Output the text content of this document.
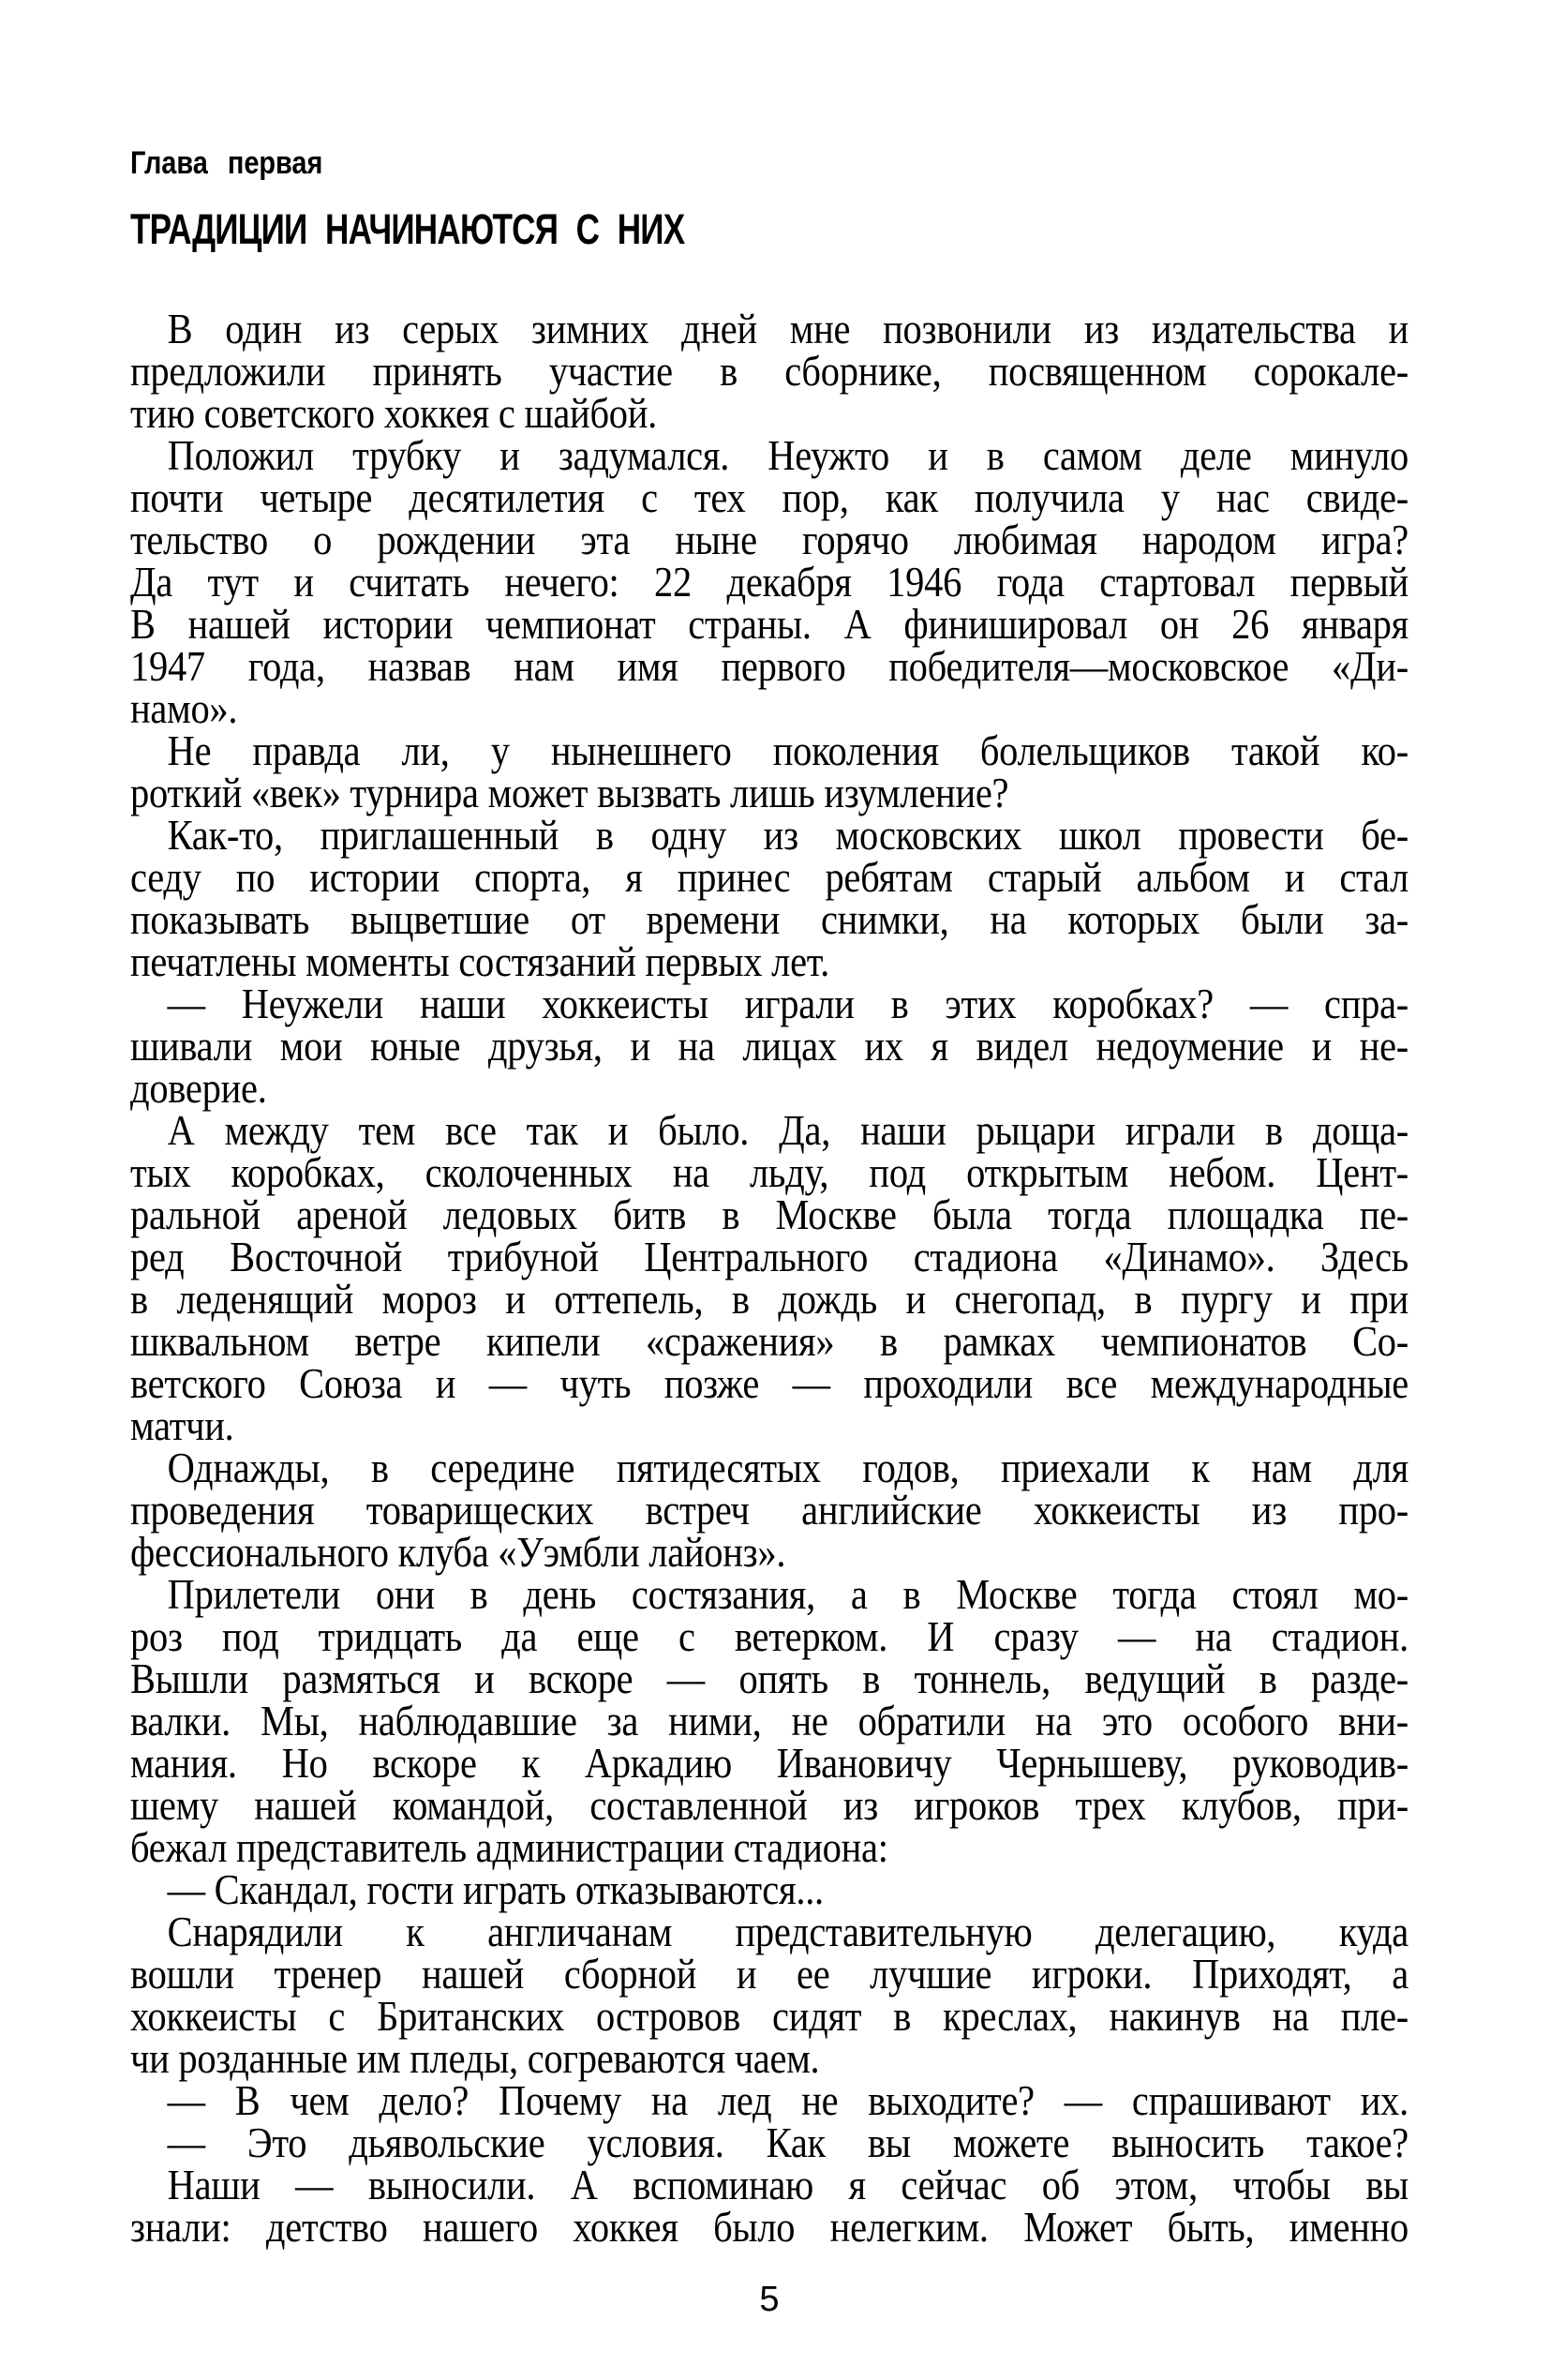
Глава первая
ТРАДИЦИИ НАЧИНАЮТСЯ С НИХ
В один из серых зимних дней мне позвонили из издательства и
предложили принять участие в сборнике, посвященном сорокале-
тию советского хоккея с шайбой.
Положил трубку и задумался. Неужто и в самом деле минуло
почти четыре десятилетия с тех пор, как получила у нас свиде-
тельство о рождении эта ныне горячо любимая народом игра?
Да тут и считать нечего: 22 декабря 1946 года стартовал первый
В нашей истории чемпионат страны. А финишировал он 26 января
1947 года, назвав нам имя первого победителя—московское «Ди-
намо».
Не правда ли, у нынешнего поколения болельщиков такой ко-
роткий «век» турнира может вызвать лишь изумление?
Как-то, приглашенный в одну из московских школ провести бе-
седу по истории спорта, я принес ребятам старый альбом и стал
показывать выцветшие от времени снимки, на которых были за-
печатлены моменты состязаний первых лет.
— Неужели наши хоккеисты играли в этих коробках? — спра-
шивали мои юные друзья, и на лицах их я видел недоумение и не-
доверие.
А между тем все так и было. Да, наши рыцари играли в доща-
тых коробках, сколоченных на льду, под открытым небом. Цент-
ральной ареной ледовых битв в Москве была тогда площадка пе-
ред Восточной трибуной Центрального стадиона «Динамо». Здесь
в леденящий мороз и оттепель, в дождь и снегопад, в пургу и при
шквальном ветре кипели «сражения» в рамках чемпионатов Со-
ветского Союза и — чуть позже — проходили все международные
матчи.
Однажды, в середине пятидесятых годов, приехали к нам для
проведения товарищеских встреч английские хоккеисты из про-
фессионального клуба «Уэмбли лайонз».
Прилетели они в день состязания, а в Москве тогда стоял мо-
роз под тридцать да еще с ветерком. И сразу — на стадион.
Вышли размяться и вскоре — опять в тоннель, ведущий в разде-
валки. Мы, наблюдавшие за ними, не обратили на это особого вни-
мания. Но вскоре к Аркадию Ивановичу Чернышеву, руководив-
шему нашей командой, составленной из игроков трех клубов, при-
бежал представитель администрации стадиона:
— Скандал, гости играть отказываются...
Снарядили к англичанам представительную делегацию, куда
вошли тренер нашей сборной и ее лучшие игроки. Приходят, а
хоккеисты с Британских островов сидят в креслах, накинув на пле-
чи розданные им пледы, согреваются чаем.
— В чем дело? Почему на лед не выходите? — спрашивают их.
— Это дьявольские условия. Как вы можете выносить такое?
Наши — выносили. А вспоминаю я сейчас об этом, чтобы вы
знали: детство нашего хоккея было нелегким. Может быть, именно
5
